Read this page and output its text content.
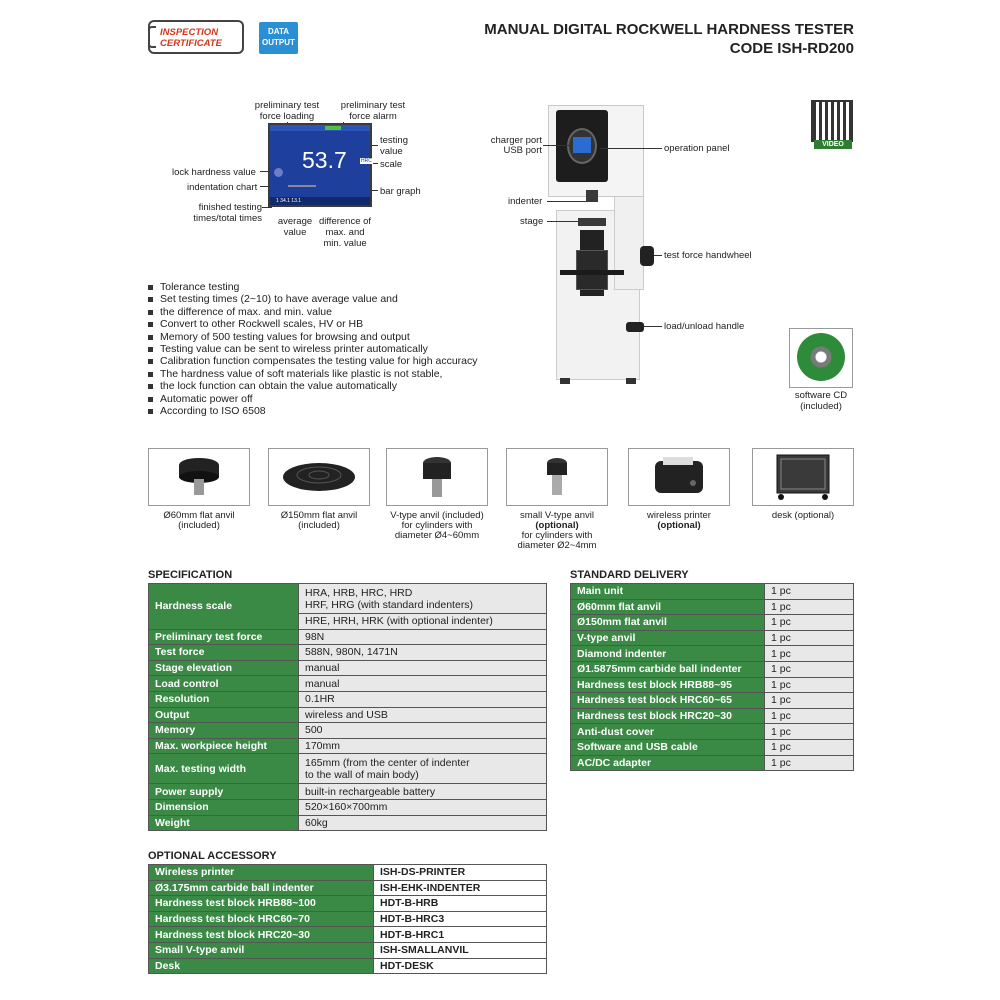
INSPECTION
CERTIFICATE
DATA
OUTPUT
MANUAL DIGITAL ROCKWELL HARDNESS TESTER
CODE ISH-RD200
preliminary test force loading
preliminary test force alarm
testing value
scale
bar graph
lock hardness value
indentation chart
finished testing times/total times	average value
difference of max. and min. value
53.7	HRC
1 34.1 13.1
charger port
USB port	operation panel
indenter
stage
test force handwheel
load/unload handle
VIDEO
software CD
(included)
Tolerance testing
Set testing times (2~10) to have average value and
the difference of max. and min. value
Convert to other Rockwell scales, HV or HB
Memory of 500 testing values for browsing and output
Testing value can be sent to wireless printer automatically
Calibration function compensates the testing value for high accuracy
The hardness value of soft materials like plastic is not stable,
the lock function can obtain the value automatically
Automatic power off
According to ISO 6508
Ø60mm flat anvil
(included)
Ø150mm flat anvil
(included)
V-type anvil (included)
for cylinders with
diameter Ø4~60mm
small V-type anvil
(optional)
for cylinders with
diameter Ø2~4mm
wireless printer
(optional)
desk (optional)
SPECIFICATION
Hardness scale	HRA, HRB, HRC, HRD
HRF, HRG (with standard indenters)

	HRE, HRH, HRK (with optional indenter)
Preliminary test force	98N
Test force	588N, 980N, 1471N
Stage elevation	manual
Load control	manual
Resolution	0.1HR
Output	wireless and USB
Memory	500
Max. workpiece height	170mm
Max. testing width	165mm (from the center of indenter
to the wall of main body)

Power supply	built-in rechargeable battery
Dimension	520×160×700mm
Weight	60kg
STANDARD DELIVERY
Main unit	1 pc
Ø60mm flat anvil	1 pc
Ø150mm flat anvil	1 pc
V-type anvil	1 pc
Diamond indenter	1 pc
Ø1.5875mm carbide ball indenter	1 pc
Hardness test block HRB88~95	1 pc
Hardness test block HRC60~65	1 pc
Hardness test block HRC20~30	1 pc
Anti-dust cover	1 pc
Software and USB cable	1 pc
AC/DC adapter	1 pc
OPTIONAL ACCESSORY
Wireless printer	ISH-DS-PRINTER
Ø3.175mm carbide ball indenter	ISH-EHK-INDENTER
Hardness test block HRB88~100	HDT-B-HRB
Hardness test block HRC60~70	HDT-B-HRC3
Hardness test block HRC20~30	HDT-B-HRC1
Small V-type anvil	ISH-SMALLANVIL
Desk	HDT-DESK
